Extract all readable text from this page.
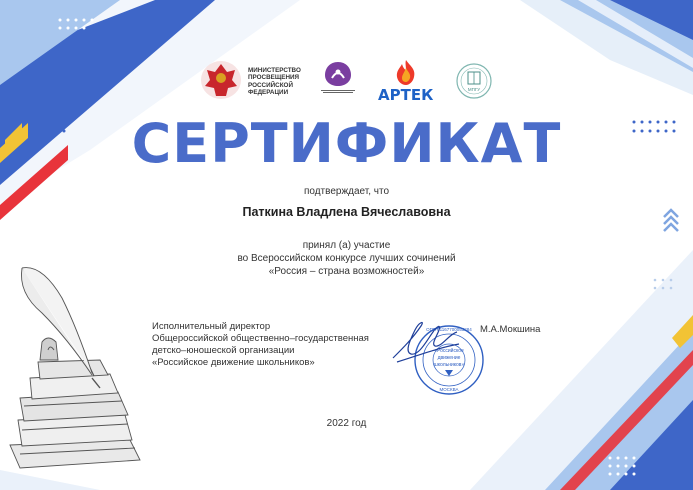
МИНИСТЕРСТВО
ПРОСВЕЩЕНИЯ
РОССИЙСКОЙ
ФЕДЕРАЦИИ	АРТЕК	МПГУ
СЕРТИФИКАТ
подтверждает, что
Паткина Владлена Вячеславовна
принял (а) участие
во Всероссийском конкурсе лучших сочинений
«Россия – страна возможностей»
Исполнительный директор
Общероссийской общественно–государственная
детско–юношеской организации
«Российское движение школьников»
М.А.Мокшина
ОГРН 1167700053284
«Российское
движение
школьников»
МОСКВА
2022 год
